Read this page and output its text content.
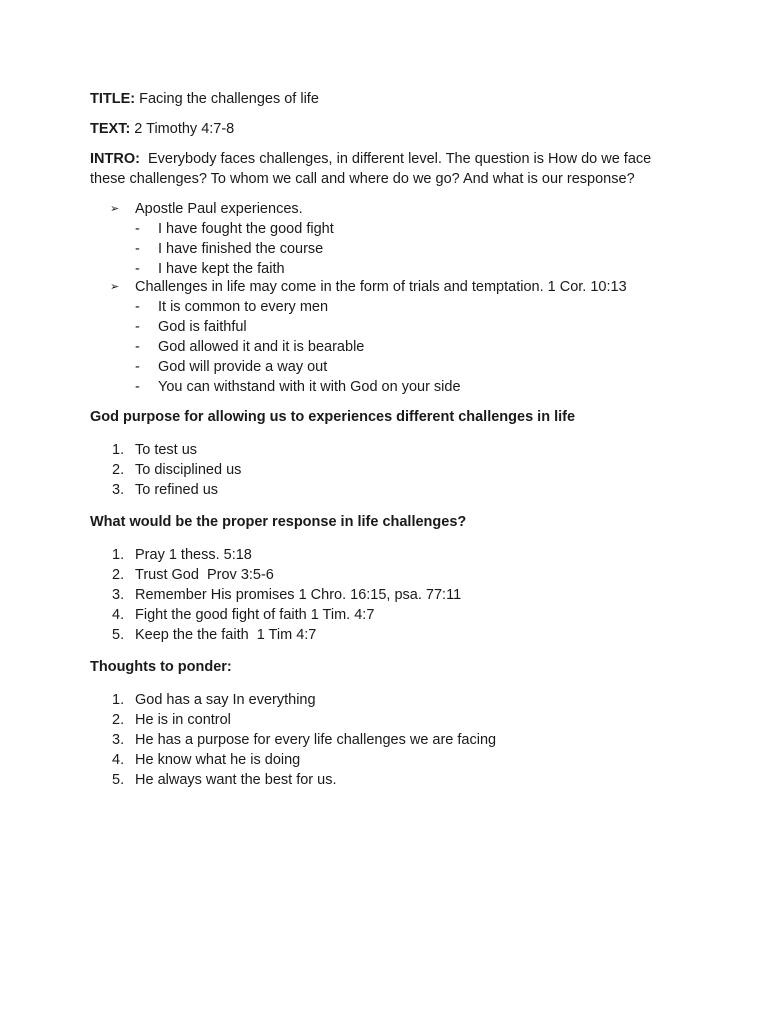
TITLE: Facing the challenges of life

TEXT: 2 Timothy 4:7-8

INTRO:  Everybody faces challenges, in different level. The question is How do we face these challenges? To whom we call and where do we go? And what is our response?

➢ Apostle Paul experiences.
- I have fought the good fight
- I have finished the course
- I have kept the faith
➢ Challenges in life may come in the form of trials and temptation. 1 Cor. 10:13
- It is common to every men
- God is faithful
- God allowed it and it is bearable
- God will provide a way out
- You can withstand with it with God on your side

God purpose for allowing us to experiences different challenges in life

1. To test us
2. To disciplined us
3. To refined us

What would be the proper response in life challenges?

1. Pray 1 thess. 5:18
2. Trust God  Prov 3:5-6
3. Remember His promises 1 Chro. 16:15, psa. 77:11
4. Fight the good fight of faith 1 Tim. 4:7
5. Keep the the faith  1 Tim 4:7

Thoughts to ponder:

1. God has a say In everything
2. He is in control
3. He has a purpose for every life challenges we are facing
4. He know what he is doing
5. He always want the best for us.
